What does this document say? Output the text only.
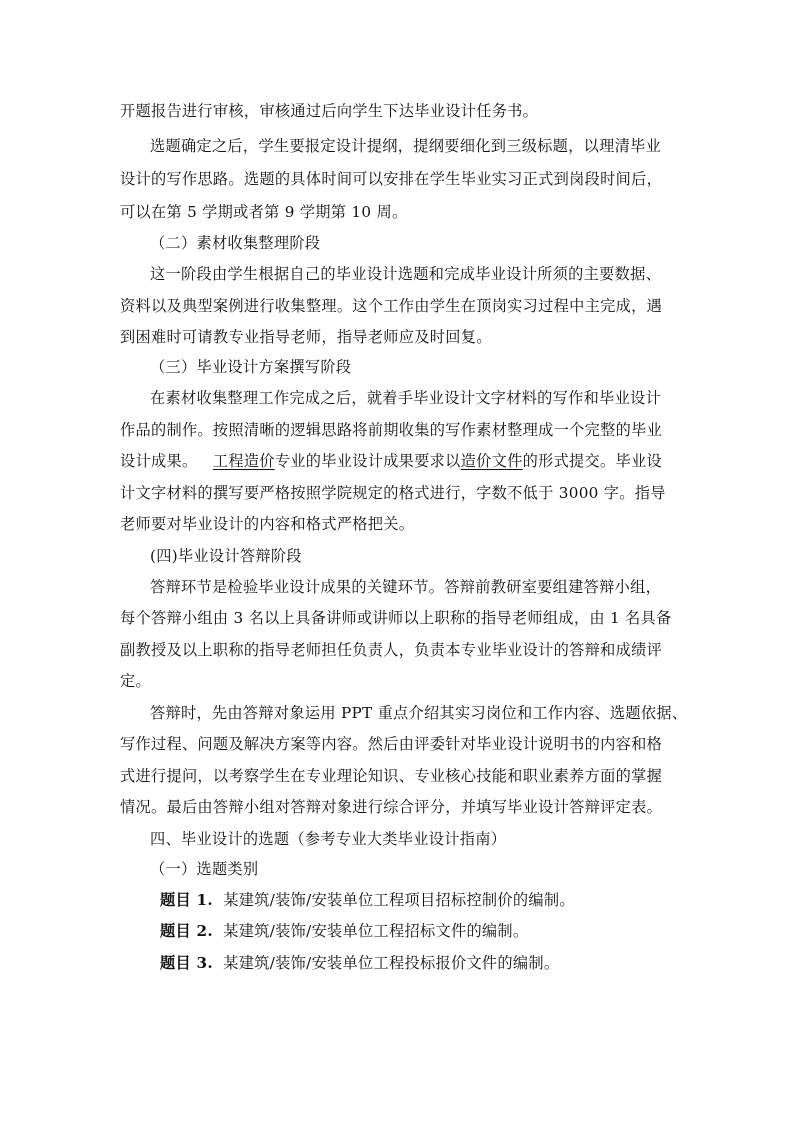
开题报告进行审核，审核通过后向学生下达毕业设计任务书。
选题确定之后，学生要报定设计提纲，提纲要细化到三级标题，以理清毕业
设计的写作思路。选题的具体时间可以安排在学生毕业实习正式到岗段时间后，
可以在第 5 学期或者第 9 学期第 10 周。
（二）素材收集整理阶段
这一阶段由学生根据自己的毕业设计选题和完成毕业设计所须的主要数据、
资料以及典型案例进行收集整理。这个工作由学生在顶岗实习过程中主完成，遇
到困难时可请教专业指导老师，指导老师应及时回复。
（三）毕业设计方案撰写阶段
在素材收集整理工作完成之后，就着手毕业设计文字材料的写作和毕业设计
作品的制作。按照清晰的逻辑思路将前期收集的写作素材整理成一个完整的毕业
设计成果。 工程造价专业的毕业设计成果要求以造价文件的形式提交。毕业设
计文字材料的撰写要严格按照学院规定的格式进行，字数不低于 3000 字。指导
老师要对毕业设计的内容和格式严格把关。
(四)毕业设计答辩阶段
答辩环节是检验毕业设计成果的关键环节。答辩前教研室要组建答辩小组，
每个答辩小组由 3 名以上具备讲师或讲师以上职称的指导老师组成，由 1 名具备
副教授及以上职称的指导老师担任负责人，负责本专业毕业设计的答辩和成绩评
定。
答辩时，先由答辩对象运用 PPT 重点介绍其实习岗位和工作内容、选题依据、
写作过程、问题及解决方案等内容。然后由评委针对毕业设计说明书的内容和格
式进行提问，以考察学生在专业理论知识、专业核心技能和职业素养方面的掌握
情况。最后由答辩小组对答辩对象进行综合评分，并填写毕业设计答辩评定表。
四、毕业设计的选题（参考专业大类毕业设计指南）
（一）选题类别
题目 1. 某建筑/装饰/安装单位工程项目招标控制价的编制。
题目 2. 某建筑/装饰/安装单位工程招标文件的编制。
题目 3. 某建筑/装饰/安装单位工程投标报价文件的编制。
